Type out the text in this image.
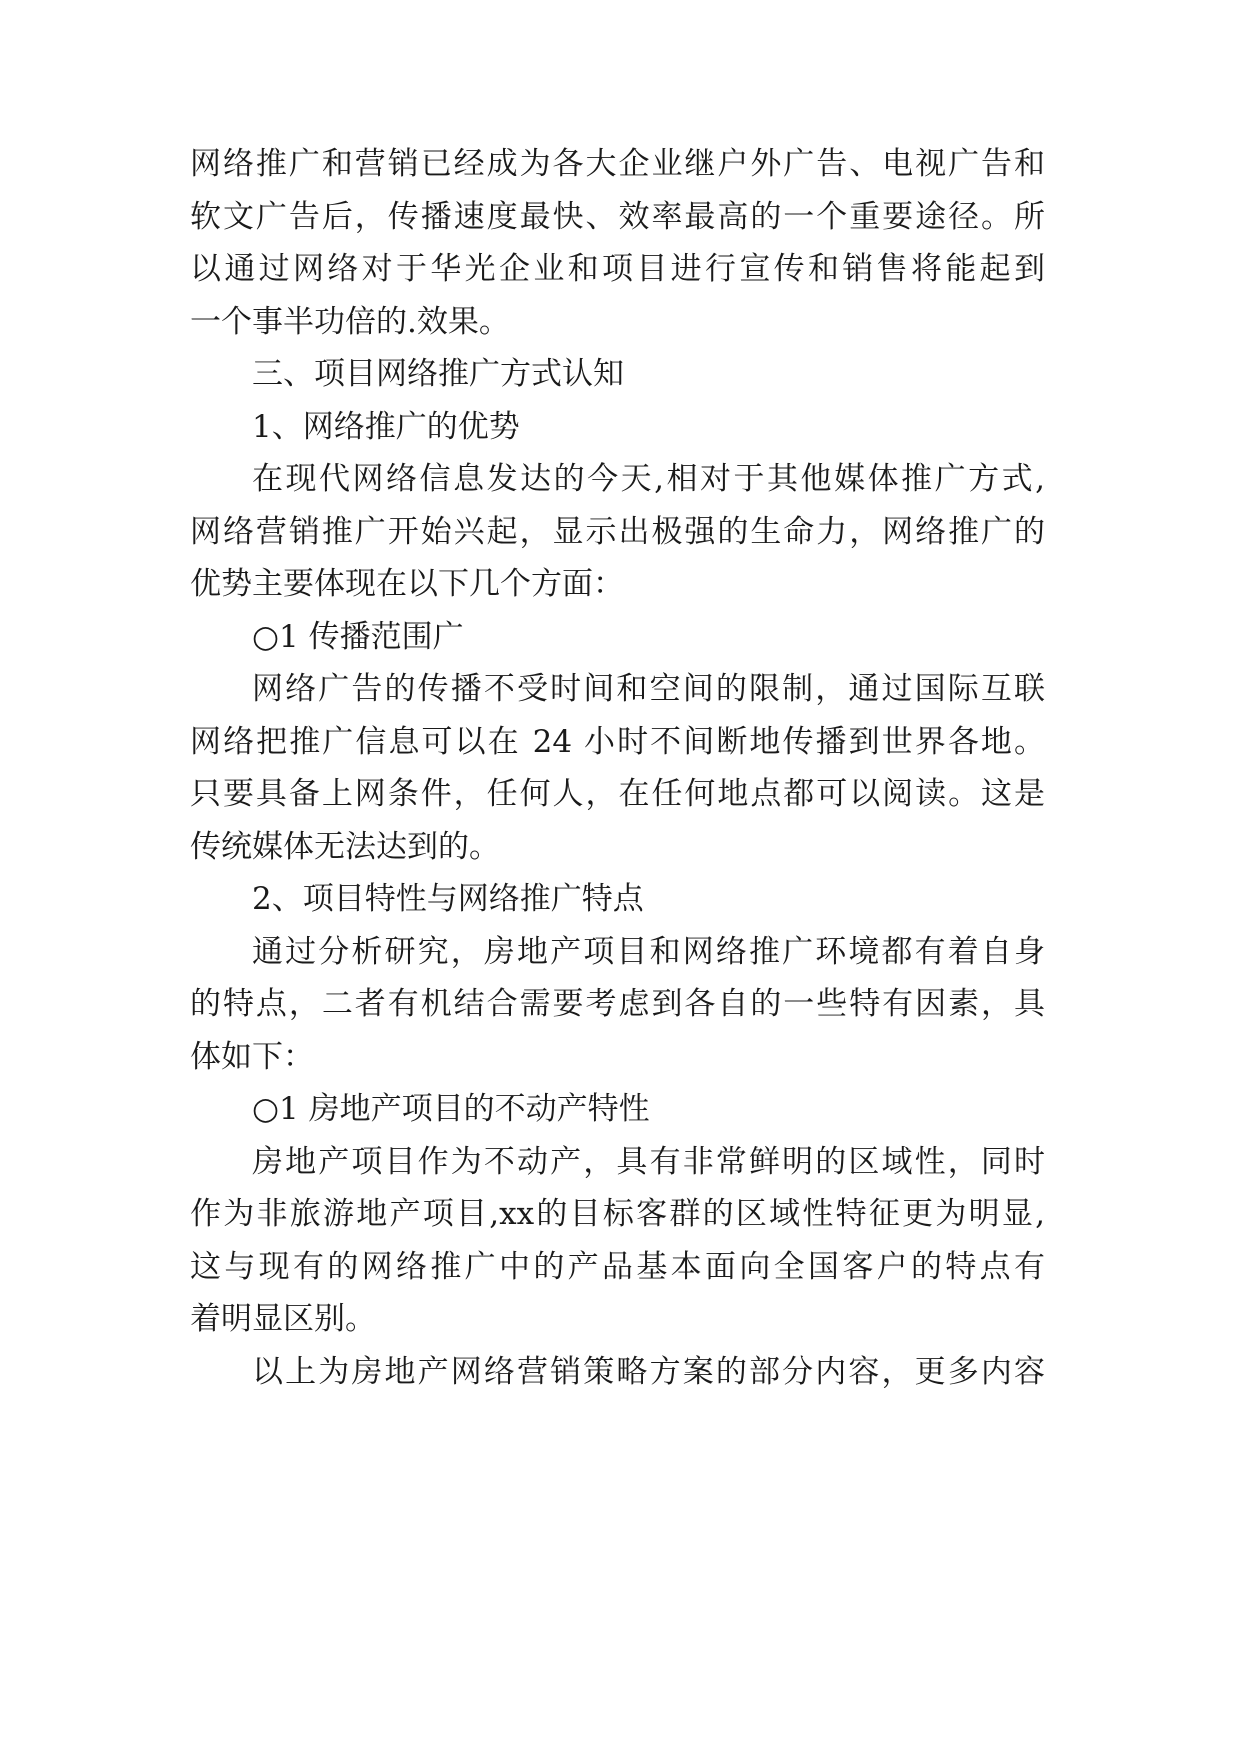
网络推广和营销已经成为各大企业继户外广告、电视广告和
软文广告后，传播速度最快、效率最高的一个重要途径。所
以通过网络对于华光企业和项目进行宣传和销售将能起到
一个事半功倍的.效果。
三、项目网络推广方式认知
1、网络推广的优势
在现代网络信息发达的今天,相对于其他媒体推广方式,
网络营销推广开始兴起，显示出极强的生命力，网络推广的
优势主要体现在以下几个方面：
○1 传播范围广
网络广告的传播不受时间和空间的限制，通过国际互联
网络把推广信息可以在 24 小时不间断地传播到世界各地。
只要具备上网条件，任何人，在任何地点都可以阅读。这是
传统媒体无法达到的。
2、项目特性与网络推广特点
通过分析研究，房地产项目和网络推广环境都有着自身
的特点，二者有机结合需要考虑到各自的一些特有因素，具
体如下：
○1 房地产项目的不动产特性
房地产项目作为不动产，具有非常鲜明的区域性，同时
作为非旅游地产项目,xx的目标客群的区域性特征更为明显,
这与现有的网络推广中的产品基本面向全国客户的特点有
着明显区别。
以上为房地产网络营销策略方案的部分内容，更多内容
